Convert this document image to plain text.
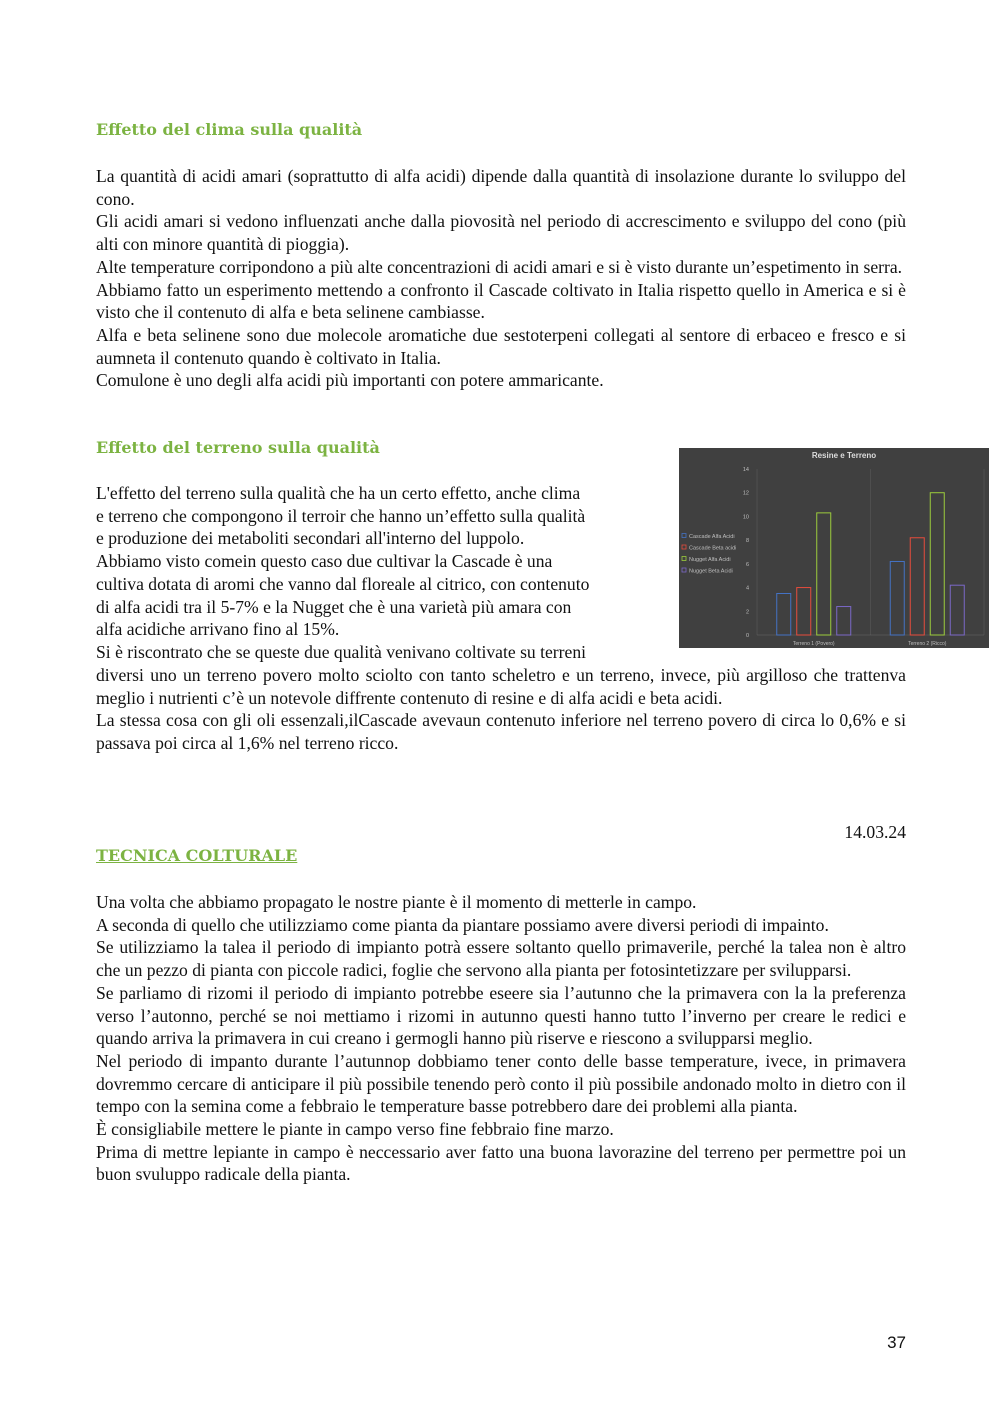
Effetto del clima sulla qualità
La quantità di acidi amari (soprattutto di alfa acidi) dipende dalla quantità di insolazione durante lo sviluppo del cono.
Gli acidi amari si vedono influenzati anche dalla piovosità nel periodo di accrescimento e sviluppo del cono (più alti con minore quantità di pioggia).
Alte temperature corripondono a più alte concentrazioni di acidi amari e si è visto durante un’espetimento in serra.
Abbiamo fatto un esperimento mettendo a confronto il Cascade coltivato in Italia rispetto quello in America e si è visto che il contenuto di alfa e beta selinene cambiasse.
Alfa e beta selinene sono due molecole aromatiche due sestoterpeni collegati al sentore di erbaceo e fresco e si aumneta il contenuto quando è coltivato in Italia.
Comulone è uno degli alfa acidi più importanti con potere ammaricante.
Effetto del terreno sulla qualità
L'effetto del terreno sulla qualità che ha un certo effetto, anche clima
e terreno che compongono il terroir che hanno un’effetto sulla qualità
e produzione dei metaboliti secondari all'interno del luppolo.
Abbiamo visto comein questo caso due cultivar la Cascade è una
cultiva dotata di aromi che vanno dal floreale al citrico, con contenuto
di alfa acidi tra il 5-7% e la Nugget che è una varietà più amara con
alfa acidiche arrivano fino al 15%.
Si è riscontrato che se queste due qualità venivano coltivate su terreni
diversi uno un terreno povero molto sciolto con tanto scheletro e un terreno, invece, più argilloso che trattenva meglio i nutrienti c’è un notevole diffrente contenuto di resine e di alfa acidi e beta acidi.
La stessa cosa con gli oli essenzali,ilCascade avevaun contenuto inferiore nel terreno povero di circa lo 0,6% e si passava poi circa al 1,6% nel terreno ricco.
Resine e Terreno
0
2
4
6
8
10
12
14
Terreno 1 (Povero)	Terreno 2 (Ricco)
Cascade Alfa Acidi
Cascade Beta acidi
Nugget Alfa Acidi
Nugget Beta Acidi
14.03.24
TECNICA COLTURALE
Una volta che abbiamo propagato le nostre piante è il momento di metterle in campo.
A seconda di quello che utilizziamo come pianta da piantare possiamo avere diversi periodi di impainto.
Se utilizziamo la talea il periodo di impianto potrà essere soltanto quello primaverile, perché la talea non è altro che un pezzo di pianta con piccole radici, foglie che servono alla pianta per fotosintetizzare per svilupparsi.
Se parliamo di rizomi il periodo di impianto potrebbe eseere sia l’autunno che la primavera con la la preferenza verso l’autonno, perché se noi mettiamo i rizomi in autunno questi hanno tutto l’inverno per creare le redici e quando arriva la primavera in cui creano i germogli hanno più riserve e riescono a svilupparsi meglio.
Nel periodo di impanto durante l’autunnop dobbiamo tener conto delle basse temperature, ivece, in primavera dovremmo cercare di anticipare il più possibile tenendo però conto il più possibile andonado molto in dietro con il tempo con la semina come a febbraio le temperature basse potrebbero dare dei problemi alla pianta.
È consigliabile mettere le piante in campo verso fine febbraio fine marzo.
Prima di mettre lepiante in campo è neccessario aver fatto una buona lavorazine del terreno per permettre poi un buon svuluppo radicale della pianta.
37
